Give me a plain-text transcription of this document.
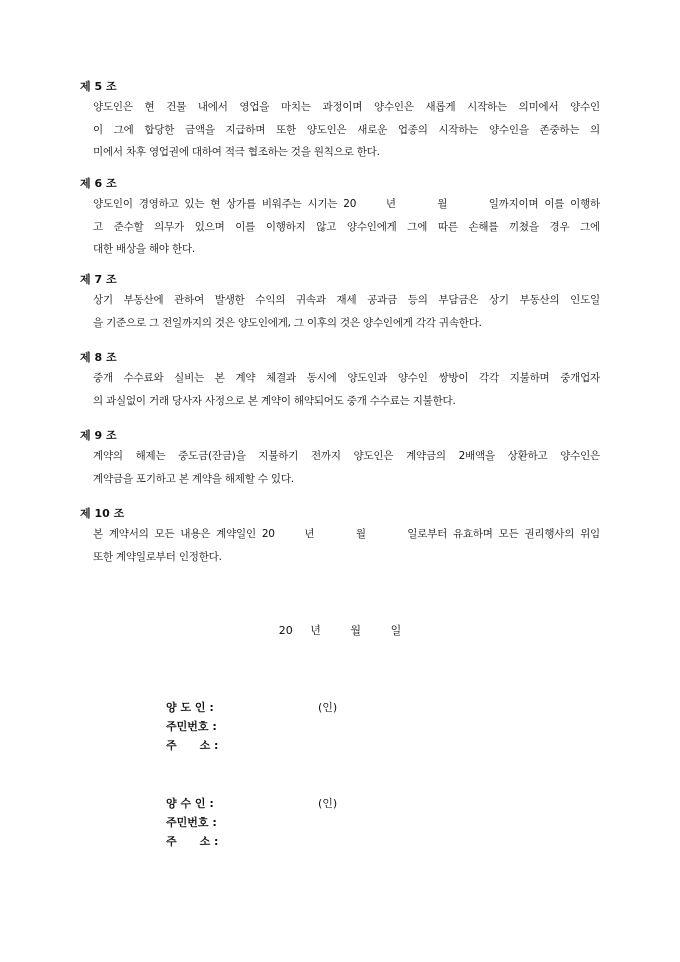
제 5 조

양도인은 현 건물 내에서 영업을 마치는 과정이며 양수인은 새롭게 시작하는 의미에서 양수인
이 그에 합당한 금액을 지급하며 또한 양도인은 새로운 업종의 시작하는 양수인을 존중하는 의
미에서 차후 영업권에 대하여 적극 협조하는 것을 원칙으로 한다.

제 6 조

양도인이 경영하고 있는 현 상가를 비워주는 시기는 20     년       월       일까지이며 이를 이행하
고 준수할 의무가 있으며 이를 이행하지 않고 양수인에게 그에 따른 손해를 끼쳤을 경우 그에
대한 배상을 해야 한다.

제 7 조

상기 부동산에 관하여 발생한 수익의 귀속과 재세 공과금 등의 부담금은 상기 부동산의 인도일
을 기준으로 그 전일까지의 것은 양도인에게, 그 이후의 것은 양수인에게 각각 귀속한다.

제 8 조

중개 수수료와 실비는 본 계약 체결과 동시에 양도인과 양수인 쌍방이 각각 지불하며 중개업자
의 과실없이 거래 당사자 사정으로 본 계약이 해약되어도 중개 수수료는 지불한다.

제 9 조

계약의 해제는 중도금(잔금)을 지불하기 전까지 양도인은 계약금의 2배액을 상환하고 양수인은
계약금을 포기하고 본 계약을 해제할 수 있다.

제 10 조

본 계약서의 모든 내용은 계약일인 20     년       월       일로부터 유효하며 모든 권리행사의 위임
또한 계약일로부터 인정한다.
20 년	월	일
양 도 인 :	(인)
주민번호 :
주      소 :
양 수 인 :	(인)
주민번호 :
주      소 :
